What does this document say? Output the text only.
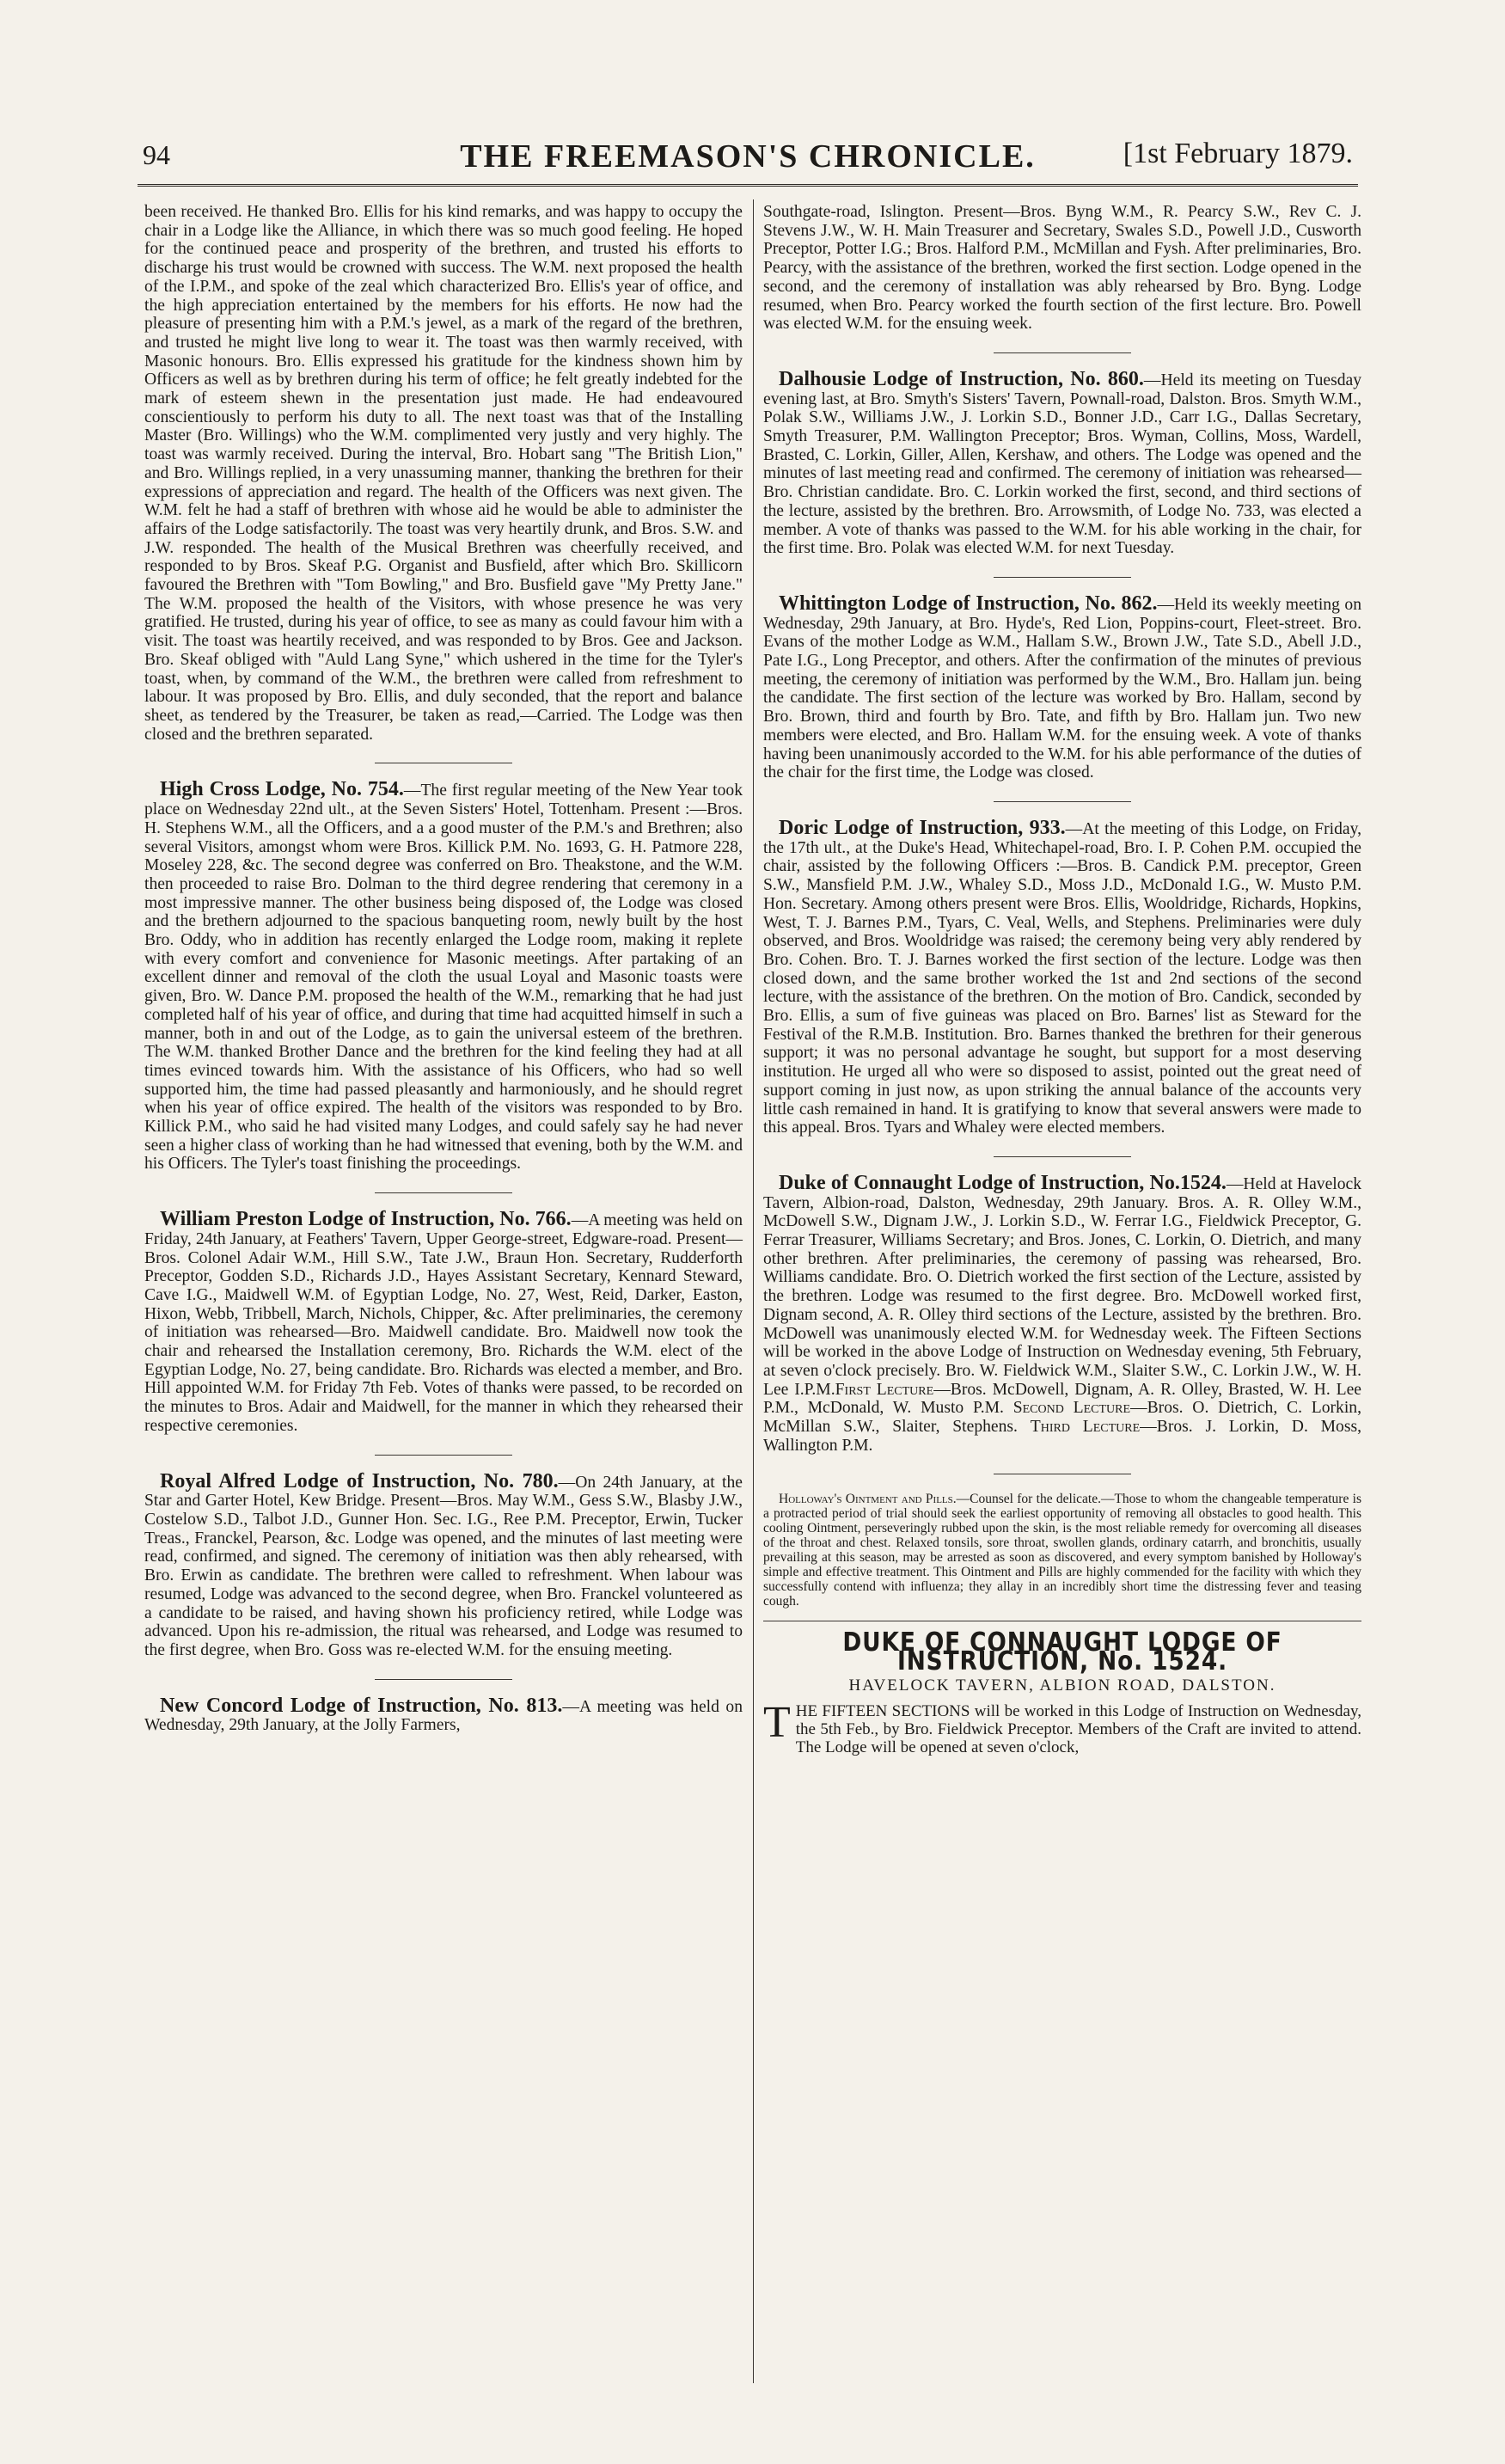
94	THE FREEMASON'S CHRONICLE.	[1st February 1879.

been received. He thanked Bro. Ellis for his kind remarks, and was happy to occupy the chair in a Lodge like the Alliance, in which there was so much good feeling. He hoped for the continued peace and prosperity of the brethren, and trusted his efforts to discharge his trust would be crowned with success. The W.M. next proposed the health of the I.P.M., and spoke of the zeal which characterized Bro. Ellis's year of office, and the high appreciation entertained by the members for his efforts. He now had the pleasure of presenting him with a P.M.'s jewel, as a mark of the regard of the brethren, and trusted he might live long to wear it. The toast was then warmly received, with Masonic honours. Bro. Ellis expressed his gratitude for the kindness shown him by Officers as well as by brethren during his term of office; he felt greatly indebted for the mark of esteem shewn in the presentation just made. He had endeavoured conscientiously to perform his duty to all. The next toast was that of the Installing Master (Bro. Willings) who the W.M. complimented very justly and very highly. The toast was warmly received. During the interval, Bro. Hobart sang "The British Lion," and Bro. Willings replied, in a very unassuming manner, thanking the brethren for their expressions of appreciation and regard. The health of the Officers was next given. The W.M. felt he had a staff of brethren with whose aid he would be able to administer the affairs of the Lodge satisfactorily. The toast was very heartily drunk, and Bros. S.W. and J.W. responded. The health of the Musical Brethren was cheerfully received, and responded to by Bros. Skeaf P.G. Organist and Busfield, after which Bro. Skillicorn favoured the Brethren with "Tom Bowling," and Bro. Busfield gave "My Pretty Jane." The W.M. proposed the health of the Visitors, with whose presence he was very gratified. He trusted, during his year of office, to see as many as could favour him with a visit. The toast was heartily received, and was responded to by Bros. Gee and Jackson. Bro. Skeaf obliged with "Auld Lang Syne," which ushered in the time for the Tyler's toast, when, by command of the W.M., the brethren were called from refreshment to labour. It was proposed by Bro. Ellis, and duly seconded, that the report and balance sheet, as tendered by the Treasurer, be taken as read,—Carried. The Lodge was then closed and the brethren separated.

High Cross Lodge, No. 754.—The first regular meeting of the New Year took place on Wednesday 22nd ult., at the Seven Sisters' Hotel, Tottenham. Present :—Bros. H. Stephens W.M., all the Officers, and a a good muster of the P.M.'s and Brethren; also several Visitors, amongst whom were Bros. Killick P.M. No. 1693, G. H. Patmore 228, Moseley 228, &c. The second degree was conferred on Bro. Theakstone, and the W.M. then proceeded to raise Bro. Dolman to the third degree rendering that ceremony in a most impressive manner. The other business being disposed of, the Lodge was closed and the brethern adjourned to the spacious banqueting room, newly built by the host Bro. Oddy, who in addition has recently enlarged the Lodge room, making it replete with every comfort and convenience for Masonic meetings. After partaking of an excellent dinner and removal of the cloth the usual Loyal and Masonic toasts were given, Bro. W. Dance P.M. proposed the health of the W.M., remarking that he had just completed half of his year of office, and during that time had acquitted himself in such a manner, both in and out of the Lodge, as to gain the universal esteem of the brethren. The W.M. thanked Brother Dance and the brethren for the kind feeling they had at all times evinced towards him. With the assistance of his Officers, who had so well supported him, the time had passed pleasantly and harmoniously, and he should regret when his year of office expired. The health of the visitors was responded to by Bro. Killick P.M., who said he had visited many Lodges, and could safely say he had never seen a higher class of working than he had witnessed that evening, both by the W.M. and his Officers. The Tyler's toast finishing the proceedings.

William Preston Lodge of Instruction, No. 766.—A meeting was held on Friday, 24th January, at Feathers' Tavern, Upper George-street, Edgware-road. Present—Bros. Colonel Adair W.M., Hill S.W., Tate J.W., Braun Hon. Secretary, Rudderforth Preceptor, Godden S.D., Richards J.D., Hayes Assistant Secretary, Kennard Steward, Cave I.G., Maidwell W.M. of Egyptian Lodge, No. 27, West, Reid, Darker, Easton, Hixon, Webb, Tribbell, March, Nichols, Chipper, &c. After preliminaries, the ceremony of initiation was rehearsed—Bro. Maidwell candidate. Bro. Maidwell now took the chair and rehearsed the Installation ceremony, Bro. Richards the W.M. elect of the Egyptian Lodge, No. 27, being candidate. Bro. Richards was elected a member, and Bro. Hill appointed W.M. for Friday 7th Feb. Votes of thanks were passed, to be recorded on the minutes to Bros. Adair and Maidwell, for the manner in which they rehearsed their respective ceremonies.

Royal Alfred Lodge of Instruction, No. 780.—On 24th January, at the Star and Garter Hotel, Kew Bridge. Present—Bros. May W.M., Gess S.W., Blasby J.W., Costelow S.D., Talbot J.D., Gunner Hon. Sec. I.G., Ree P.M. Preceptor, Erwin, Tucker Treas., Franckel, Pearson, &c. Lodge was opened, and the minutes of last meeting were read, confirmed, and signed. The ceremony of initiation was then ably rehearsed, with Bro. Erwin as candidate. The brethren were called to refreshment. When labour was resumed, Lodge was advanced to the second degree, when Bro. Franckel volunteered as a candidate to be raised, and having shown his proficiency retired, while Lodge was advanced. Upon his re-admission, the ritual was rehearsed, and Lodge was resumed to the first degree, when Bro. Goss was re-elected W.M. for the ensuing meeting.

New Concord Lodge of Instruction, No. 813.—A meeting was held on Wednesday, 29th January, at the Jolly Farmers,

Southgate-road, Islington. Present—Bros. Byng W.M., R. Pearcy S.W., Rev C. J. Stevens J.W., W. H. Main Treasurer and Secretary, Swales S.D., Powell J.D., Cusworth Preceptor, Potter I.G.; Bros. Halford P.M., McMillan and Fysh. After preliminaries, Bro. Pearcy, with the assistance of the brethren, worked the first section. Lodge opened in the second, and the ceremony of installation was ably rehearsed by Bro. Byng. Lodge resumed, when Bro. Pearcy worked the fourth section of the first lecture. Bro. Powell was elected W.M. for the ensuing week.

Dalhousie Lodge of Instruction, No. 860.—Held its meeting on Tuesday evening last, at Bro. Smyth's Sisters' Tavern, Pownall-road, Dalston. Bros. Smyth W.M., Polak S.W., Williams J.W., J. Lorkin S.D., Bonner J.D., Carr I.G., Dallas Secretary, Smyth Treasurer, P.M. Wallington Preceptor; Bros. Wyman, Collins, Moss, Wardell, Brasted, C. Lorkin, Giller, Allen, Kershaw, and others. The Lodge was opened and the minutes of last meeting read and confirmed. The ceremony of initiation was rehearsed—Bro. Christian candidate. Bro. C. Lorkin worked the first, second, and third sections of the lecture, assisted by the brethren. Bro. Arrowsmith, of Lodge No. 733, was elected a member. A vote of thanks was passed to the W.M. for his able working in the chair, for the first time. Bro. Polak was elected W.M. for next Tuesday.

Whittington Lodge of Instruction, No. 862.—Held its weekly meeting on Wednesday, 29th January, at Bro. Hyde's, Red Lion, Poppins-court, Fleet-street. Bro. Evans of the mother Lodge as W.M., Hallam S.W., Brown J.W., Tate S.D., Abell J.D., Pate I.G., Long Preceptor, and others. After the confirmation of the minutes of previous meeting, the ceremony of initiation was performed by the W.M., Bro. Hallam jun. being the candidate. The first section of the lecture was worked by Bro. Hallam, second by Bro. Brown, third and fourth by Bro. Tate, and fifth by Bro. Hallam jun. Two new members were elected, and Bro. Hallam W.M. for the ensuing week. A vote of thanks having been unanimously accorded to the W.M. for his able performance of the duties of the chair for the first time, the Lodge was closed.

Doric Lodge of Instruction, 933.—At the meeting of this Lodge, on Friday, the 17th ult., at the Duke's Head, Whitechapel-road, Bro. I. P. Cohen P.M. occupied the chair, assisted by the following Officers :—Bros. B. Candick P.M. preceptor, Green S.W., Mansfield P.M. J.W., Whaley S.D., Moss J.D., McDonald I.G., W. Musto P.M. Hon. Secretary. Among others present were Bros. Ellis, Wooldridge, Richards, Hopkins, West, T. J. Barnes P.M., Tyars, C. Veal, Wells, and Stephens. Preliminaries were duly observed, and Bros. Wooldridge was raised; the ceremony being very ably rendered by Bro. Cohen. Bro. T. J. Barnes worked the first section of the lecture. Lodge was then closed down, and the same brother worked the 1st and 2nd sections of the second lecture, with the assistance of the brethren. On the motion of Bro. Candick, seconded by Bro. Ellis, a sum of five guineas was placed on Bro. Barnes' list as Steward for the Festival of the R.M.B. Institution. Bro. Barnes thanked the brethren for their generous support; it was no personal advantage he sought, but support for a most deserving institution. He urged all who were so disposed to assist, pointed out the great need of support coming in just now, as upon striking the annual balance of the accounts very little cash remained in hand. It is gratifying to know that several answers were made to this appeal. Bros. Tyars and Whaley were elected members.

Duke of Connaught Lodge of Instruction, No.1524.—Held at Havelock Tavern, Albion-road, Dalston, Wednesday, 29th January. Bros. A. R. Olley W.M., McDowell S.W., Dignam J.W., J. Lorkin S.D., W. Ferrar I.G., Fieldwick Preceptor, G. Ferrar Treasurer, Williams Secretary; and Bros. Jones, C. Lorkin, O. Dietrich, and many other brethren. After preliminaries, the ceremony of passing was rehearsed, Bro. Williams candidate. Bro. O. Dietrich worked the first section of the Lecture, assisted by the brethren. Lodge was resumed to the first degree. Bro. McDowell worked first, Dignam second, A. R. Olley third sections of the Lecture, assisted by the brethren. Bro. McDowell was unanimously elected W.M. for Wednesday week. The Fifteen Sections will be worked in the above Lodge of Instruction on Wednesday evening, 5th February, at seven o'clock precisely. Bro. W. Fieldwick W.M., Slaiter S.W., C. Lorkin J.W., W. H. Lee I.P.M.First Lecture—Bros. McDowell, Dignam, A. R. Olley, Brasted, W. H. Lee P.M., McDonald, W. Musto P.M. Second Lecture—Bros. O. Dietrich, C. Lorkin, McMillan S.W., Slaiter, Stephens. Third Lecture—Bros. J. Lorkin, D. Moss, Wallington P.M.

Holloway's Ointment and Pills.—Counsel for the delicate.—Those to whom the changeable temperature is a protracted period of trial should seek the earliest opportunity of removing all obstacles to good health. This cooling Ointment, perseveringly rubbed upon the skin, is the most reliable remedy for overcoming all diseases of the throat and chest. Relaxed tonsils, sore throat, swollen glands, ordinary catarrh, and bronchitis, usually prevailing at this season, may be arrested as soon as discovered, and every symptom banished by Holloway's simple and effective treatment. This Ointment and Pills are highly commended for the facility with which they successfully contend with influenza; they allay in an incredibly short time the distressing fever and teasing cough.

DUKE OF CONNAUGHT LODGE OF INSTRUCTION, No. 1524.
HAVELOCK TAVERN, ALBION ROAD, DALSTON.
THE FIFTEEN SECTIONS will be worked in this Lodge of Instruction on Wednesday, the 5th Feb., by Bro. Fieldwick Preceptor. Members of the Craft are invited to attend. The Lodge will be opened at seven o'clock,
